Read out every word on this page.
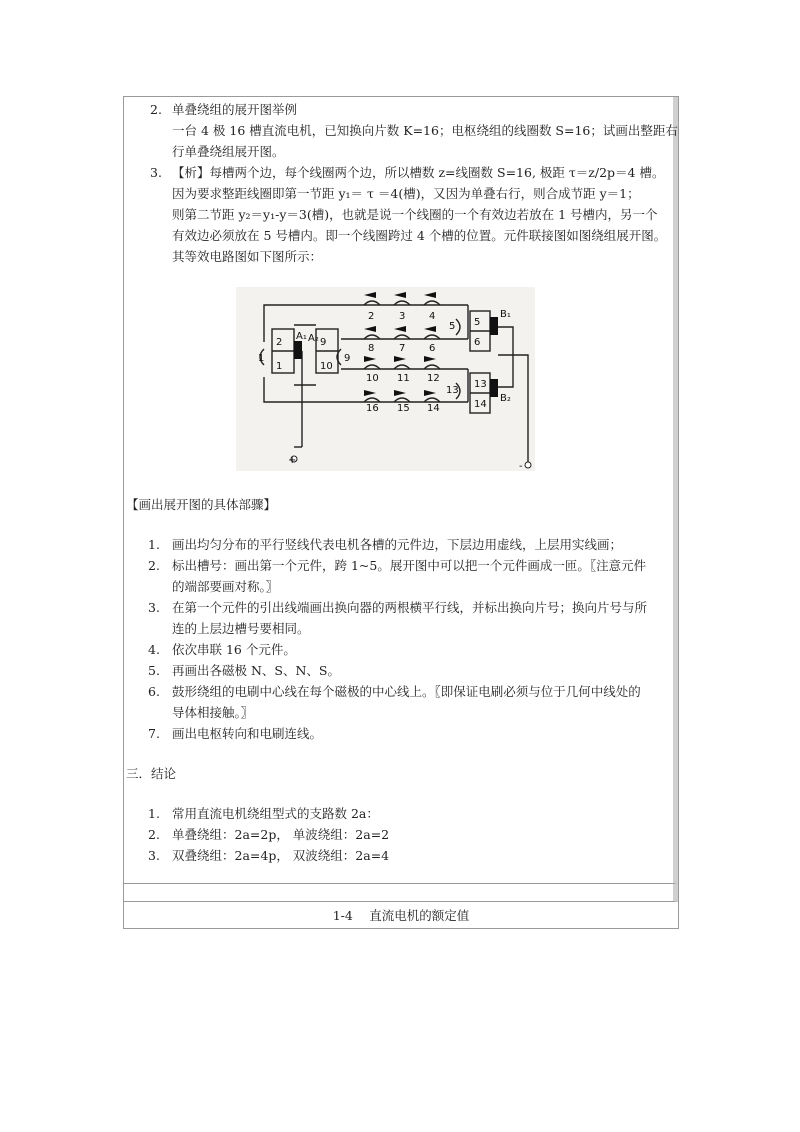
1-4　 直流电机的额定值
2. 单叠绕组的展开图举例
一台 4 极 16 槽直流电机，已知换向片数 K=16；电枢绕组的线圈数 S=16；试画出整距右
行单叠绕组展开图。
3. 【析】每槽两个边，每个线圈两个边，所以槽数 z=线圈数 S=16, 极距 τ＝z/2p＝4 槽。
因为要求整距线圈即第一节距 y₁＝ τ ＝4(槽)，又因为单叠右行，则合成节距 y＝1；
则第二节距 y₂＝y₁-y＝3(槽)，也就是说一个线圈的一个有效边若放在 1 号槽内，另一个
有效边必须放在 5 号槽内。即一个线圈跨过 4 个槽的位置。元件联接图如图绕组展开图。
其等效电路图如下图所示：
2
1
9
10
5
6
13
14
2 3 4
8 7 6
10 11 12
16 15 14
5
13
1	9
A₁ A₂
B₁
B₂
+
-
【画出展开图的具体部骤】
1. 画出均匀分布的平行竖线代表电机各槽的元件边，下层边用虚线，上层用实线画；
2. 标出槽号：画出第一个元件，跨 1~5。展开图中可以把一个元件画成一匝。〖注意元件
的端部要画对称。〗
3. 在第一个元件的引出线端画出换向器的两根横平行线，并标出换向片号；换向片号与所
连的上层边槽号要相同。
4. 依次串联 16 个元件。
5. 再画出各磁极 N、S、N、S。
6. 鼓形绕组的电刷中心线在每个磁极的中心线上。〖即保证电刷必须与位于几何中线处的
导体相接触。〗
7. 画出电枢转向和电刷连线。
三．结论
1. 常用直流电机绕组型式的支路数 2a：
2. 单叠绕组：2a=2p， 单波绕组：2a=2
3. 双叠绕组：2a=4p， 双波绕组：2a=4
